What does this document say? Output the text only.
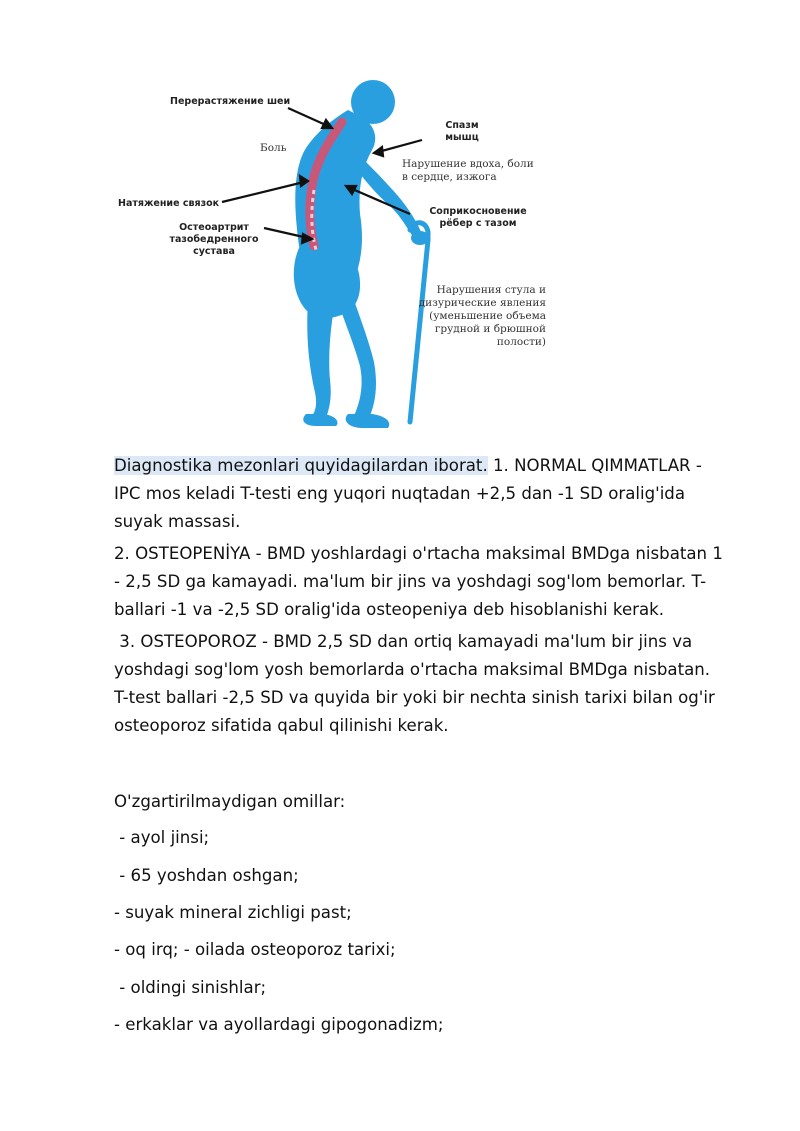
Перерастяжение шеи
Боль
Спазм
мышц
Нарушение вдоха, боли
в сердце, изжога
Натяжение связок
Соприкосновение
рёбер с тазом
Остеоартрит
тазобедренного
сустава
Нарушения стула и
дизурические явления
(уменьшение объема
грудной и брюшной
полости)

Diagnostika mezonlari quyidagilardan iborat. 1. NORMAL QIMMATLAR -

IPC mos keladi T-testi eng yuqori nuqtadan +2,5 dan -1 SD oralig'ida

suyak massasi.

2. OSTEOPENİYA - BMD yoshlardagi o'rtacha maksimal BMDga nisbatan 1

- 2,5 SD ga kamayadi. ma'lum bir jins va yoshdagi sog'lom bemorlar. T-

ballari -1 va -2,5 SD oralig'ida osteopeniya deb hisoblanishi kerak.

3. OSTEOPOROZ - BMD 2,5 SD dan ortiq kamayadi ma'lum bir jins va

yoshdagi sog'lom yosh bemorlarda o'rtacha maksimal BMDga nisbatan.

T-test ballari -2,5 SD va quyida bir yoki bir nechta sinish tarixi bilan og'ir

osteoporoz sifatida qabul qilinishi kerak.

O'zgartirilmaydigan omillar:
- ayol jinsi;
- 65 yoshdan oshgan;
- suyak mineral zichligi past;
- oq irq; - oilada osteoporoz tarixi;
- oldingi sinishlar;
- erkaklar va ayollardagi gipogonadizm;
